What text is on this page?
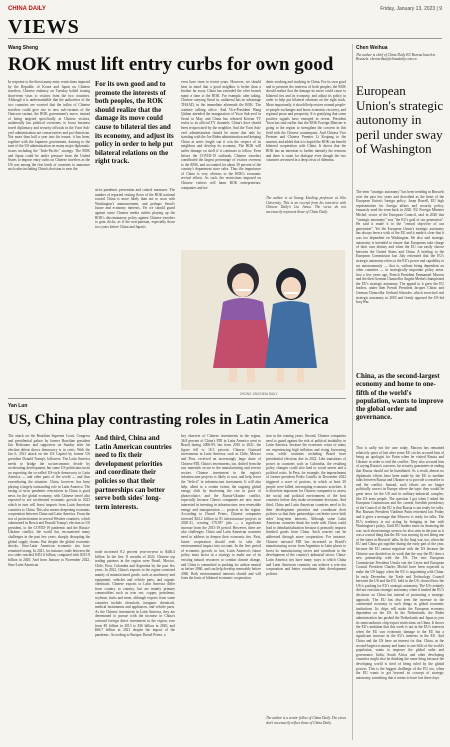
CHINA DAILY	Friday, January 13, 2023 | 9
VIEWS
Wang Sheng
ROK must lift entry curbs for own good
In response to the threat many entry restrictions imposed by the Republic of Korea and Japan on Chinese travelers, Chinese embassy on Tuesday halted issuing short-term visas to visitors from the two countries. Although it is understandable that the authorities of the two countries are worried that the influx of Chinese travelers could give rise to new sub-variants of the Omicron variant, the ROK government's move, instead of being targeted specifically at Chinese visitors, unilaterally has political overtones, to boost business travel diplomacy and security officials in the Yoon Suk-yeol administration are conservatives and pro-American. Not more than half a year into his tenure, it has been, together with the Japanese government, dancing to the tune of the US administration on many major diplomatic issues including the "Indo-Pacific" strategy. The ROK and Japan could be under pressure from the United States to impose entry curbs on Chinese travelers as the US was among the first batch of countries to announce such rules including China's decision to ease the
For its own good and to promote the interests of both peoples, the ROK should realize that the damage its move could cause to bilateral ties and its economy, and adjust its policy in order to help put bilateral relations on the right track.
strict pandemic prevention and control measures. The number of reported visiting flows of the ROK national toward China is more likely than not to soon with Washington's announcement, and perhaps Seoul's future and economy interests. Yet we should guard against some Chinese media outlets playing up the ROK's discriminatory policy against Chinese travelers to gain clicks, as if the non-partisan, especially those two years before China and Japan's
even have risen to recent years. However, we should bear in mind that a good neighbor is better than a brother far away. China has extended the olive branch many a time to the ROK. For example, after taking, Chinese carrying Seoul in, unilateral has no advantage THAAD, in the immediate aftermath the ROK. The wartime talking office. And Vice-President Wang Qishan attended the inauguration of Yoon Suk-yeol in Seoul in May, and China has released Korean TV series to its official TV channels. China's door should been reciprocated by the neighbor. And the Yoon Suk-yeol administration should be aware that only by standing with the Joe Biden administration and keeping China at arm's length can it win the respect of its neighbors and develop its economy. The ROK will suffer damage on itself if it continues to follow. Even before the COVID-19 outbreak, Chinese travelers contributed the largest percentage of visitors overseas to the ROK, and accounted for about 30 percent of the country's department store sales. Thus the importance of China is very obvious to the ROK's economic revival efforts. As such, the restrictions imposed on Chinese visitors will harm ROK entrepreneurs, companies and tra-
dents working and studying in China. For its own good and to promote the interests of both peoples, the ROK should realize that the damage its move could cause to bilateral ties and its economy, and adjust its policy in order to help put bilateral relations on the right track. More importantly, it should help restore normal people-to-people exchanges and boost economic recovery, and regional peace and prosperity. It is gratifying that some positive signals have emerged in recent. President Yoon has said earlier that the ROK Foreign Minister is going to the region to strengthen the concern in this field with the Chinese counterparts. And Chinese Vice Premier and Chinese Premier Li Keqiang to the summit, and added that it is hoped the ROK can benefit bilateral cooperation with China. It shows that the ROK has an intention to further intensify the tensions and there is room for dialogue even though the two countries are mired in a deep crisis of dilemma.
The author is at Guang Xiaoling professor at Jilin University. This is an excerpt from his interview with Chinese Daily's Liu Jiawu. The views do not necessarily represent those of China Daily.
ZHONG JIN/CHINA DAILY
Yan Lun
US, China play contrasting roles in Latin America
The attack on the Brazilian Supreme Court, Congress and presidential palace by former Brazilian president Jair Bolsonaro and supporters on Sunday after his election defeat shows democracy is in crisis. With the Jan 6, 2021 attack on the US Capitol by former US president Donald Trump's followers. The Latin America needs to bridge the socioeconomic divide by accelerating development, but some US politicians insist on exporting the so-called US-style democracy to Latin America — and other parts of the world — and thus exacerbating the situation. China, however, has been playing a largely outstanding role in Latin America. The easing of strict pandemic restrictions in China is good news for the global economy, with Chinese travel also expected to see accelerated economic growth in 2023 which in turn will boost imports from Latin American countries to China. This also means deepening economic cooperation between China and Latin America. From the rise of protectionism in several Western countries, which culminated in Brexit and Donald Trump's election as US president, to the COVID-19 pandemic and the Russia-Ukraine conflict, the world has encountered many challenges in the past few years, sharply disrupting the global supply chains. But despite the global economic shocks, Sino-Latin American economic ties have remained strong. In 2021, for instance, trade between the two sides reached $451.6 billion, compared with $315.8 billion in 2020. And from January to November 2022, Sino-Latin American
And third, China and Latin American countries need to fix their development priorities and coordinate their policies so that their partnerships can better serve both sides' long-term interests.
trade increased 8.2 percent year-on-year to $446.4 billion. In the first 11 months of 2022. Chinese top trading partners in the region were Brazil, Mexico, Chile, Peru, Colombia and Argentina by the past few years. In 2022, China's exports to the region consisted mainly of manufactured goods, such as machinery and equipment, vehicles and vehicle parts, and organic chemicals. Chinese exports to Latin America differ from country to country, but are mainly primary commodities such as iron ore, copper, petroleum, soybean, fruits and meat, although exports from some countries include chemicals, inorganic chemicals, medical instruments and appliances, and vehicle parts. As the Chinese investment in Latin America, they are determined to pursue with the increase in China's outward foreign direct investment in the region, rose from $5 billion in 2013 to $16 billion in 2020, and $66.7 billion in 2021 despite the impact of the pandemic. According to Enrique Dussel Peters, a
key observer of Chinese investments in the region, 36.8 percent of China's FDI in Latin America went to Brazil during 2006-09, but from 2016 to 2021, the figure fell to 16.5 percent. Chinese Outward investments in Latin America, such as Chile, Mexico and Peru, received an increasingly large share of Chinese FDI. China's investments, too, shifted from the raw materials sector to the manufacturing and service sectors. Chinese investment in the region's infrastructure projects is likely to soar, and help lower the "deficit" in infrastructure investment. It will also help, albeit to a certain extent, the ongoing global energy shift by shortening the rise in price of photovoltaics and the Russia-Ukraine conflict, especially because China's companies are now more interested in investing in infrastructure, new renewable energy and transportation — projects in the region. According to Dussel Peters, Chinese companies invested $23.2 billion in 81 infrastructure projects in 2020-21, creating 179,397 jobs — a significant increase from the 2015-19 period. However, there are also challenges. China and Latin American countries need to address in deepen their economic ties. First, future cooperation should seek to take the environmental impact into account. In the first period of economic growth, in fact, Latin America's future policy must factor in a strategy to make use of its existing natural resources to combat climate change, and China is committed to pushing for carbon neutral as before 2060, and can help develop renewably before 2060. Both environmental interests should and will form the basis of bilateral economic cooperation.
tion in the coming years. Second, Chinese companies need to guard against the risk of political instability in Latin America, because the economic crises of many are experiencing high inflation and rising borrowing costs, while countries including Brazil have presidential elections due in 2022. Like transitions of power in countries such as Colombia, the resulting policy changes could also lead to social unrest and a political crisis. In Peru, for example, the impeachment of former president Pedro Castillo in December 2022 triggered a wave of protests, in which at least 30 people were killed, interrupting economic activities. It is therefore important for Chinese companies to assess the social and political environment of the host countries before they make investment decisions. And third, China and Latin American countries need to fix their development priorities and coordinate their policies so that their partnerships can better serve both sides' long-term interests. Although some Latin American countries think the trade with China could lead to deindustrialization because it primarily imports finished goods from China. Such worries can be addressed through more cooperation. For instance, Chinese outward FDI has increased in Brazil's manufacturing sector from Argentina to Latin places to boost its manufacturing sector and contribute to the development of the country's industrial sector. China-Latin America ties have many ways to which China and Latin American countries can achieve a win-win cooperation and better coordinate their development policies.
The author is a senior fellow of China Daily. The views don't necessarily reflect those of China Daily.
Chen Weihua
The author is chief of China Daily EU Bureau based in Brussels. chenweihua@chinadaily.com.cn
European Union's strategic autonomy in peril under sway of Washington
The term "strategic autonomy" has been trending in Brussels over the past few years and described as the heart of the European Union's foreign policy. Josep Borrell, EU high representative for foreign affairs and security policy, famously used the term back in 2020. EU Foreign Minister Michel, sector of the European Council, said in 2020 that "strategic autonomy" was "the EU's goal of our generation". He said it made it to the "central objective of our generation". Yet the European Union's strategic autonomy has always been a wish of the EU and it made it clear that it was too dependent on Washington. He also said strategic autonomy is intended to ensure that Europeans take charge of their own destiny and when the EU can easily choose between the United States and China. A briefing to the European Commission last July reiterated that the EU's strategic autonomy refers to the EU's power and capability to act autonomously — that is, without being dependent on other countries — in strategically important policy areas. Just a few years ago, French President Emmanuel Macron and the then German Chancellor Angela Merkel championed the EU's strategic autonomy. The appeal to it grew the EU leaders, under then French President Jacques Chirac and German Chancellor Gerhard Schroder, which exercised real strategic autonomy in 2003 and firmly opposed the US-led Iraq War.
China, as the second-largest economy and home to one-fifth of the world's population, wants to improve the global order and governance.
That is sadly not the case today. Macron has remained relatively quiet of late after some EU circles accused him of being an apologist for Putin when he visited Russia and Ukraine in order to end the conflict. They also accused him of saying Russia's concerns for security guarantees in ending that Russia should not be humiliated. As a result, almost no diplomatic efforts have been made by the EU to mediate talks between Russia and Ukraine or to provide a ceasefire to end the conflict. Instead, such efforts are no longer politically correct in Europe where the topic they would be great news for the US and its military-industrial complex, like US arms people. The question I got when I asked the European Commission and the current Swedish presidency of the Council of the EU is that Russia is not ready for talks. But Russian President Vladimir Putin reiterated last Friday and it gives a message that Moscow is ready for talks. The EU's tendency is not acting by bringing in line with Washington's policy. Until EU leaders insist on financing the war, such shortcomings seem to be also seen in the past as it was a crucial thing that the EU was moving by not being one of the states in Brussels' talks. In the Iraqi war, too, when the EU and China got together during the early part of the year, because the EU cannot negotiate with the US because the Chinese was decided on its work that the way the EU does a new partnership with the US. The new European Commission President Ursula von der Leyen and European Council President Charles Michel have been expected to make the US happy when the EU is negotiating with China. In early December, the Trade and Technology Council between the US and the EU, held in the US, showed how the US is pushing for EU's strategic autonomy. The US certainly did not envision strategic autonomy when it lauded the EU's decisions on China but instead of promoting a strategic approach. The EU has also seen the increase in the continental economy to such things as global economic institutions. Its chips will make the European economy dependent on the US. In the Netherlands, the Biden administration has pushed the Netherlands and Japan to join its semiconductor chip export restrictions on China. It shows the EU's ambition that this week is not in the EU's interests when the EU saw economic damage to the EU but a significant increase in the EU's interests in the EU. And China and the US have an interest for that. China, as the second-largest economy and home to one-fifth of the world's population, wants to improve the global order and governance. India, South Africa and other developing countries might also be thinking the same thing because the developing world is tired of being ruled by the global powers. This is the biggest challenge of the EU too, when the EU wants to get beyond its concept of strategic autonomy, something that it seems to have lost these days.
